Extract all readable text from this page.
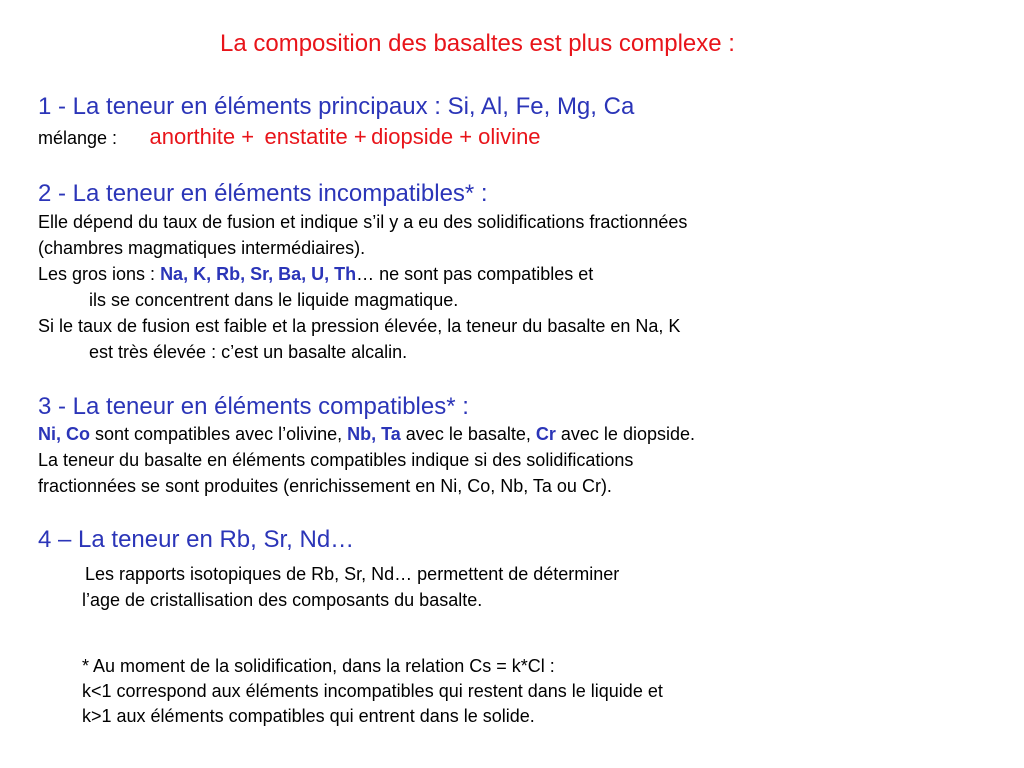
La composition des basaltes est plus complexe :
1 - La teneur en éléments principaux : Si, Al, Fe, Mg, Ca
mélange : anorthite + enstatite + diopside + olivine
2 - La teneur en éléments incompatibles* :
Elle dépend du taux de fusion et indique s’il y a eu des solidifications fractionnées
(chambres magmatiques intermédiaires).
Les gros ions : Na, K, Rb, Sr, Ba, U, Th… ne sont pas compatibles et
ils se concentrent dans le liquide magmatique.
Si le taux de fusion est faible et la pression élevée, la teneur du basalte en Na, K
est très élevée : c’est un basalte alcalin.
3 - La teneur en éléments compatibles* :
Ni, Co sont compatibles avec l’olivine, Nb, Ta avec le basalte, Cr avec le diopside.
La teneur du basalte en éléments compatibles indique si des solidifications
fractionnées se sont produites (enrichissement en Ni, Co, Nb, Ta ou Cr).
4 – La teneur en Rb, Sr, Nd…
Les rapports isotopiques de Rb, Sr, Nd… permettent de déterminer
l’age de cristallisation des composants du basalte.
* Au moment de la solidification, dans la relation Cs = k*Cl :
k<1 correspond aux éléments incompatibles qui restent dans le liquide et
k>1 aux éléments compatibles qui entrent dans le solide.
